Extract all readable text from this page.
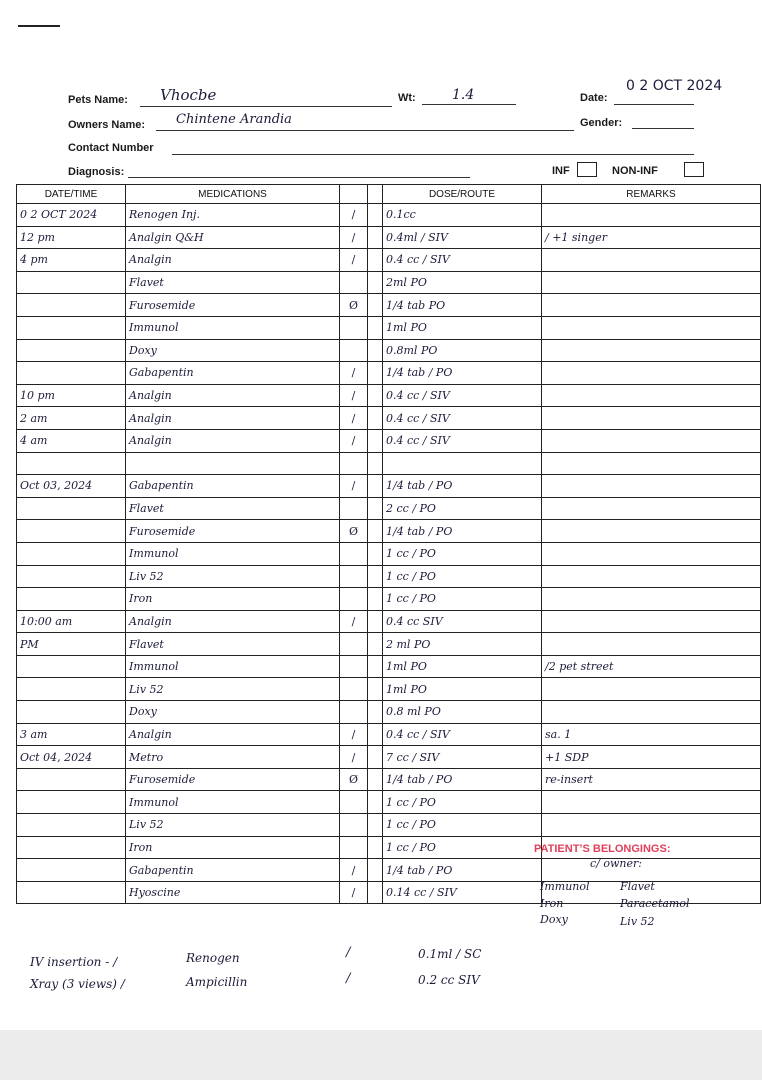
Pets Name: Vhocbe	Wt:	1.4	Date:
0 2 OCT 2024
Owners Name: Chintene Arandia	Gender:
Contact Number
Diagnosis:	INF	NON-INF
DATE/TIME	MEDICATIONS			DOSE/ROUTE	REMARKS
0 2 OCT 2024	Renogen Inj.	/		0.1cc	
12 pm	Analgin Q&H	/		0.4ml / SIV	/ +1 singer
4 pm	Analgin	/		0.4 cc / SIV	
	Flavet			2ml PO	
	Furosemide	Ø		1/4 tab PO	
	Immunol			1ml PO	
	Doxy			0.8ml PO	
	Gabapentin	/		1/4 tab / PO	
10 pm	Analgin	/		0.4 cc / SIV	
2 am	Analgin	/		0.4 cc / SIV	
4 am	Analgin	/		0.4 cc / SIV	

Oct 03, 2024	Gabapentin	/		1/4 tab / PO	
	Flavet			2 cc / PO	
	Furosemide	Ø		1/4 tab / PO	
	Immunol			1 cc / PO	
	Liv 52			1 cc / PO	
	Iron			1 cc / PO	
10:00 am	Analgin	/		0.4 cc SIV	
PM	Flavet			2 ml PO	
	Immunol			1ml PO	/2 pet street
	Liv 52			1ml PO	
	Doxy			0.8 ml PO	
3 am	Analgin	/		0.4 cc / SIV	sa. 1
Oct 04, 2024	Metro	/		7 cc / SIV	+1 SDP
	Furosemide	Ø		1/4 tab / PO	re-insert
	Immunol			1 cc / PO	
	Liv 52			1 cc / PO	
	Iron			1 cc / PO	
	Gabapentin	/		1/4 tab / PO	
	Hyoscine	/		0.14 cc / SIV	
PATIENT’S BELONGINGS:
c/ owner:
Immunol
Iron
Doxy
Flavet
Paracetamol
Liv 52
IV insertion - /	Renogen	/	0.1ml / SC
Xray (3 views) /	Ampicillin	/	0.2 cc SIV
